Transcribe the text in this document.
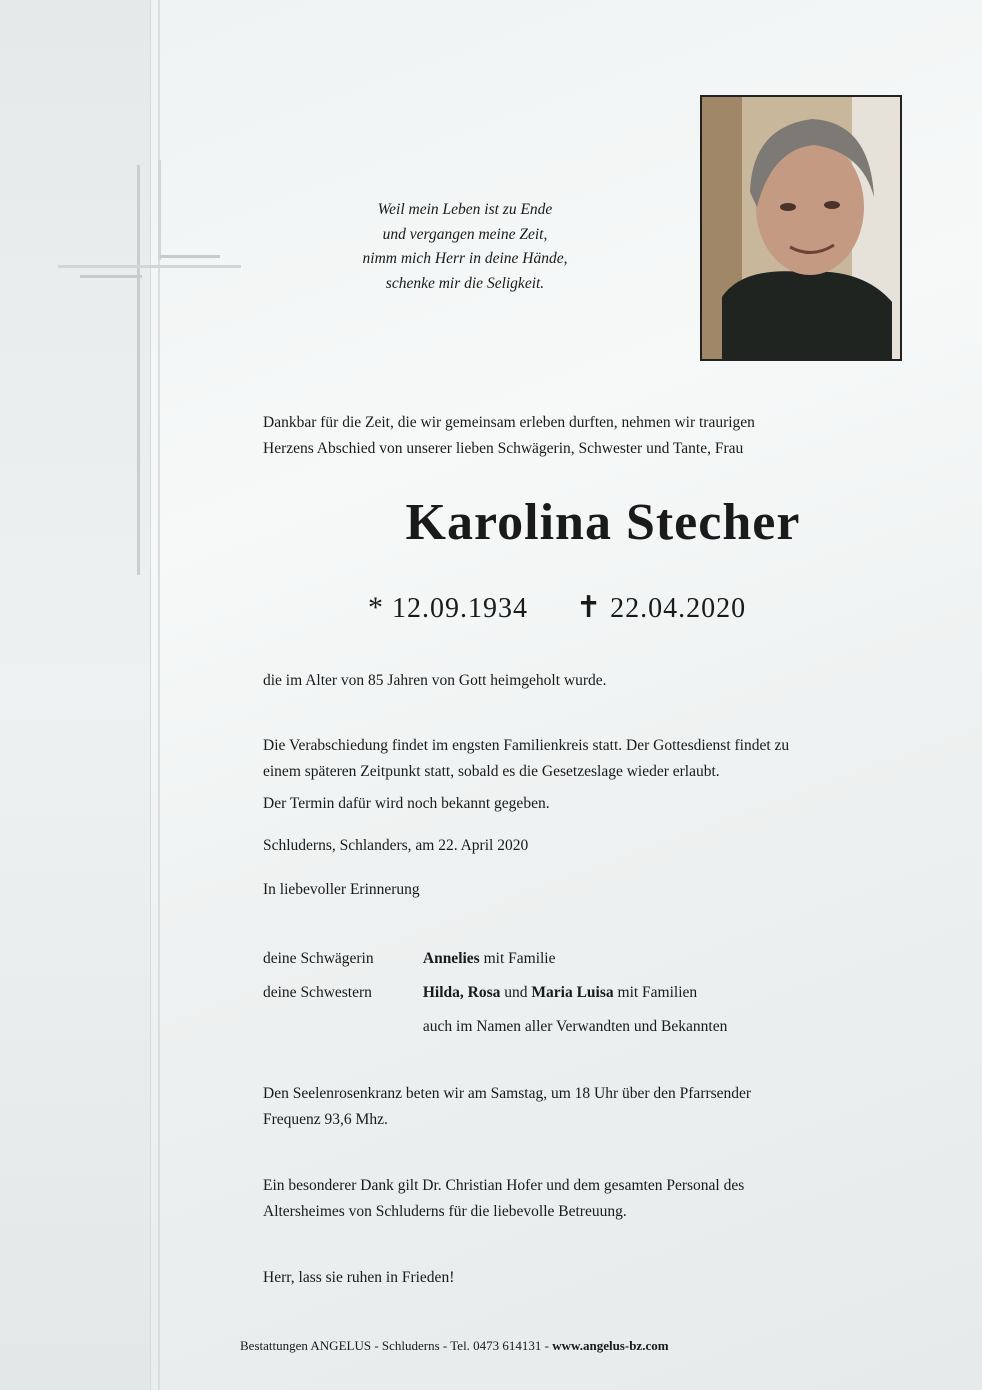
Weil mein Leben ist zu Ende
und vergangen meine Zeit,
nimm mich Herr in deine Hände,
schenke mir die Seligkeit.
Dankbar für die Zeit, die wir gemeinsam erleben durften, nehmen wir traurigen
Herzens Abschied von unserer lieben Schwägerin, Schwester und Tante, Frau
Karolina Stecher
* 12.09.1934 ✝ 22.04.2020
die im Alter von 85 Jahren von Gott heimgeholt wurde.
Die Verabschiedung findet im engsten Familienkreis statt. Der Gottesdienst findet zu
einem späteren Zeitpunkt statt, sobald es die Gesetzeslage wieder erlaubt.
Der Termin dafür wird noch bekannt gegeben.
Schluderns, Schlanders, am 22. April 2020
In liebevoller Erinnerung
deine Schwägerin	Annelies mit Familie
deine Schwestern	Hilda, Rosa und Maria Luisa mit Familien
auch im Namen aller Verwandten und Bekannten
Den Seelenrosenkranz beten wir am Samstag, um 18 Uhr über den Pfarrsender
Frequenz 93,6 Mhz.
Ein besonderer Dank gilt Dr. Christian Hofer und dem gesamten Personal des
Altersheimes von Schluderns für die liebevolle Betreuung.
Herr, lass sie ruhen in Frieden!
Bestattungen ANGELUS - Schluderns - Tel. 0473 614131 - www.angelus-bz.com
